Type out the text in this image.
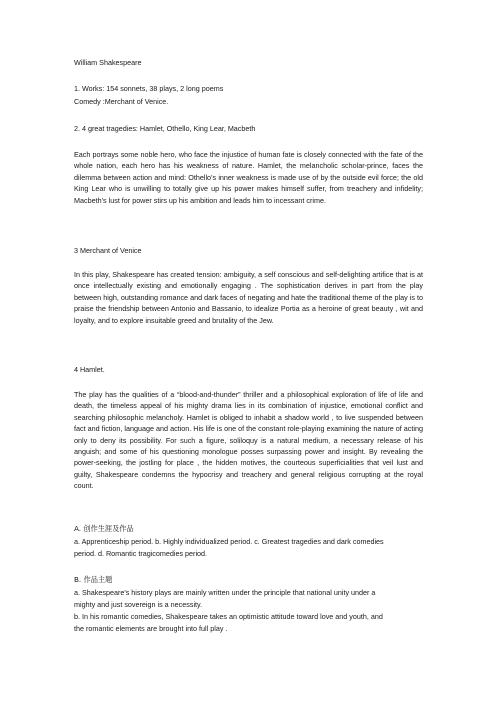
William Shakespeare

1. Works: 154 sonnets, 38 plays, 2 long poems

Comedy :Merchant of Venice.

2. 4 great tragedies: Hamlet, Othello, King Lear, Macbeth

Each portrays some noble hero, who face the injustice of human fate is closely connected with the fate of the whole nation, each hero has his weakness of nature. Hamlet, the melancholic scholar-prince, faces the dilemma between action and mind: Othello’s inner weakness is made use of by the outside evil force; the old King Lear who is unwilling to totally give up his power makes himself suffer, from treachery and infidelity; Macbeth’s lust for power stirs up his ambition and leads him to incessant crime.

3 Merchant of Venice

In this play, Shakespeare has created tension: ambiguity, a self conscious and self-delighting artifice that is at once intellectually existing and emotionally engaging . The sophistication derives in part from the play between high, outstanding romance and dark faces of negating and hate the traditional theme of the play is to praise the friendship between Antonio and Bassanio, to idealize Portia as a heroine of great beauty , wit and loyalty, and to explore insuitable greed and brutality of the Jew.

4 Hamlet.

The play has the qualities of a “blood-and-thunder” thriller and a philosophical exploration of life of life and death, the timeless appeal of his mighty drama lies in its combination of injustice, emotional conflict and searching philosophic melancholy. Hamlet is obliged to inhabit a shadow world , to live suspended between fact and fiction, language and action. His life is one of the constant role-playing examining the nature of acting only to deny its possibility. For such a figure, soliloquy is a natural medium, a necessary release of his anguish; and some of his questioning monologue posses surpassing power and insight. By revealing the power-seeking, the jostling for place , the hidden motives, the courteous superficialities that veil lust and guilty, Shakespeare condemns the hypocrisy and treachery and general religious corrupting at the royal count.

A. 创作生涯及作品

a. Apprenticeship period. b. Highly individualized period. c. Greatest tragedies and dark comedies

period. d. Romantic tragicomedies period.

B. 作品主题

a. Shakespeare's history plays are mainly written under the principle that national unity under a

mighty and just sovereign is a necessity.

b. In his romantic comedies, Shakespeare takes an optimistic attitude toward love and youth, and

the romantic elements are brought into full play .
